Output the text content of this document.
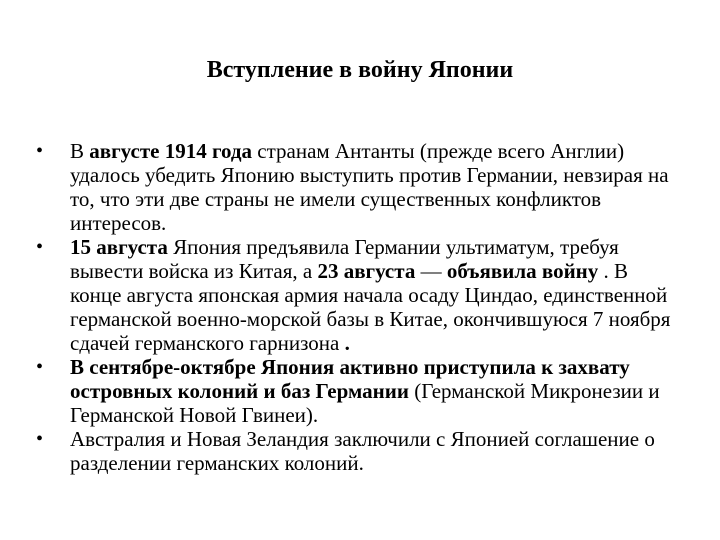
Вступление в войну Японии
•	В августе 1914 года странам Антанты (прежде всего Англии) удалось убедить Японию выступить против Германии, невзирая на то, что эти две страны не имели существенных конфликтов интересов.
•	15 августа Япония предъявила Германии ультиматум, требуя вывести войска из Китая, а 23 августа — объявила войну . В конце августа японская армия начала осаду Циндао, единственной германской военно-морской базы в Китае, окончившуюся 7 ноября сдачей германского гарнизона .
•	В сентябре-октябре Япония активно приступила к захвату островных колоний и баз Германии (Германской Микронезии и Германской Новой Гвинеи).
•	Австралия и Новая Зеландия заключили с Японией соглашение о разделении германских колоний.
